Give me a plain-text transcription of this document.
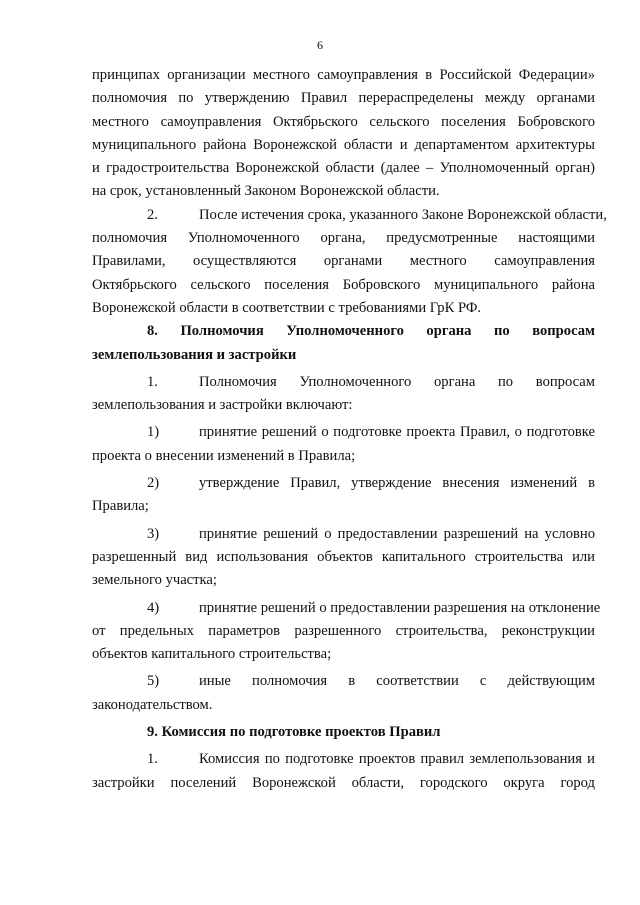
6
принципах организации местного самоуправления в Российской Федерации»
полномочия по утверждению Правил перераспределены между органами
местного самоуправления Октябрьского сельского поселения Бобровского
муниципального района Воронежской области и департаментом архитектуры
и градостроительства Воронежской области (далее – Уполномоченный орган)
на срок, установленный Законом Воронежской области.
2.	После истечения срока, указанного Законе Воронежской области,
полномочия Уполномоченного органа, предусмотренные настоящими
Правилами, осуществляются органами местного самоуправления
Октябрьского сельского поселения Бобровского муниципального района
Воронежской области в соответствии с требованиями ГрК РФ.
8. Полномочия Уполномоченного органа по вопросам
землепользования и застройки
1.	Полномочия Уполномоченного органа по вопросам
землепользования и застройки включают:
1)	принятие решений о подготовке проекта Правил, о подготовке
проекта о внесении изменений в Правила;
2)	утверждение Правил, утверждение внесения изменений в
Правила;
3)	принятие решений о предоставлении разрешений на условно
разрешенный вид использования объектов капитального строительства или
земельного участка;
4)	принятие решений о предоставлении разрешения на отклонение
от предельных параметров разрешенного строительства, реконструкции
объектов капитального строительства;
5)	иные полномочия в соответствии с действующим
законодательством.
9. Комиссия по подготовке проектов Правил
1.	Комиссия по подготовке проектов правил землепользования и
застройки поселений Воронежской области, городского округа город
